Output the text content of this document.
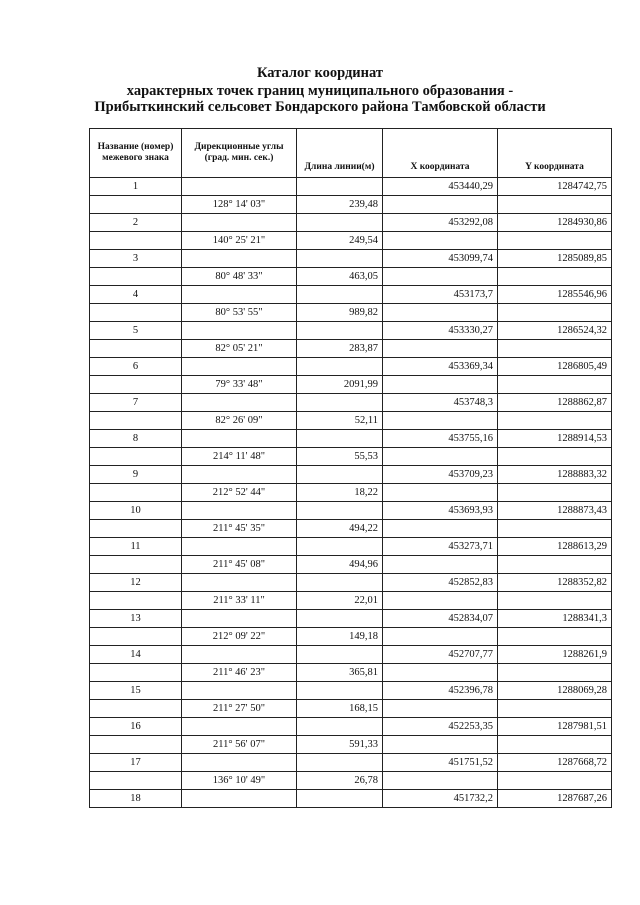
Каталог координат
характерных точек границ муниципального образования -
Прибыткинский сельсовет Бондарского района Тамбовской области
Название (номер) межевого знака	Дирекционные углы (град. мин. сек.)	Длина линии(м)	X координата	Y координата
1			453440,29	1284742,75
	128° 14' 03"	239,48		
2			453292,08	1284930,86
	140° 25' 21"	249,54		
3			453099,74	1285089,85
	80° 48' 33"	463,05		
4			453173,7	1285546,96
	80° 53' 55"	989,82		
5			453330,27	1286524,32
	82° 05' 21"	283,87		
6			453369,34	1286805,49
	79° 33' 48"	2091,99		
7			453748,3	1288862,87
	82° 26' 09"	52,11		
8			453755,16	1288914,53
	214° 11' 48"	55,53		
9			453709,23	1288883,32
	212° 52' 44"	18,22		
10			453693,93	1288873,43
	211° 45' 35"	494,22		
11			453273,71	1288613,29
	211° 45' 08"	494,96		
12			452852,83	1288352,82
	211° 33' 11"	22,01		
13			452834,07	1288341,3
	212° 09' 22"	149,18		
14			452707,77	1288261,9
	211° 46' 23"	365,81		
15			452396,78	1288069,28
	211° 27' 50"	168,15		
16			452253,35	1287981,51
	211° 56' 07"	591,33		
17			451751,52	1287668,72
	136° 10' 49"	26,78		
18			451732,2	1287687,26
